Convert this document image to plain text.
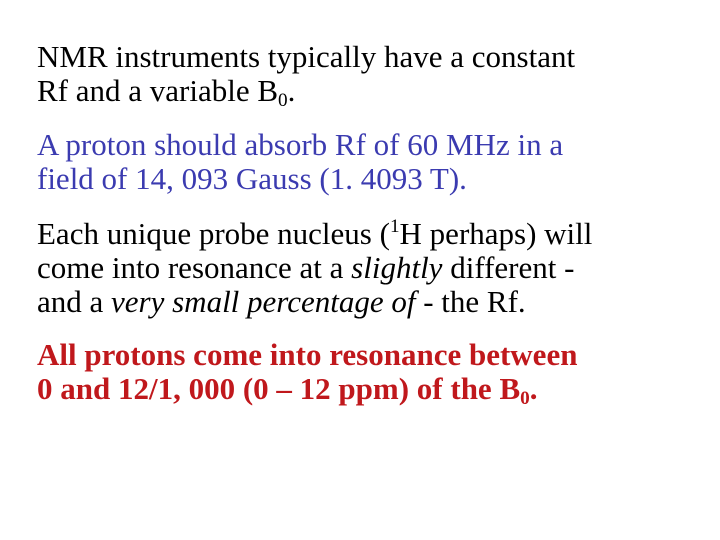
NMR instruments typically have a constant
Rf and a variable $B_0$.

A proton should absorb Rf of 60 MHz in a
field of 14, 093 Gauss (1. 4093 T).

Each unique probe nucleus ($^1$H perhaps) will
come into resonance at a slightly different -
and a very small percentage of - the Rf.

All protons come into resonance between
0 and 12/1, 000 (0 – 12 ppm) of the $B_0$.
